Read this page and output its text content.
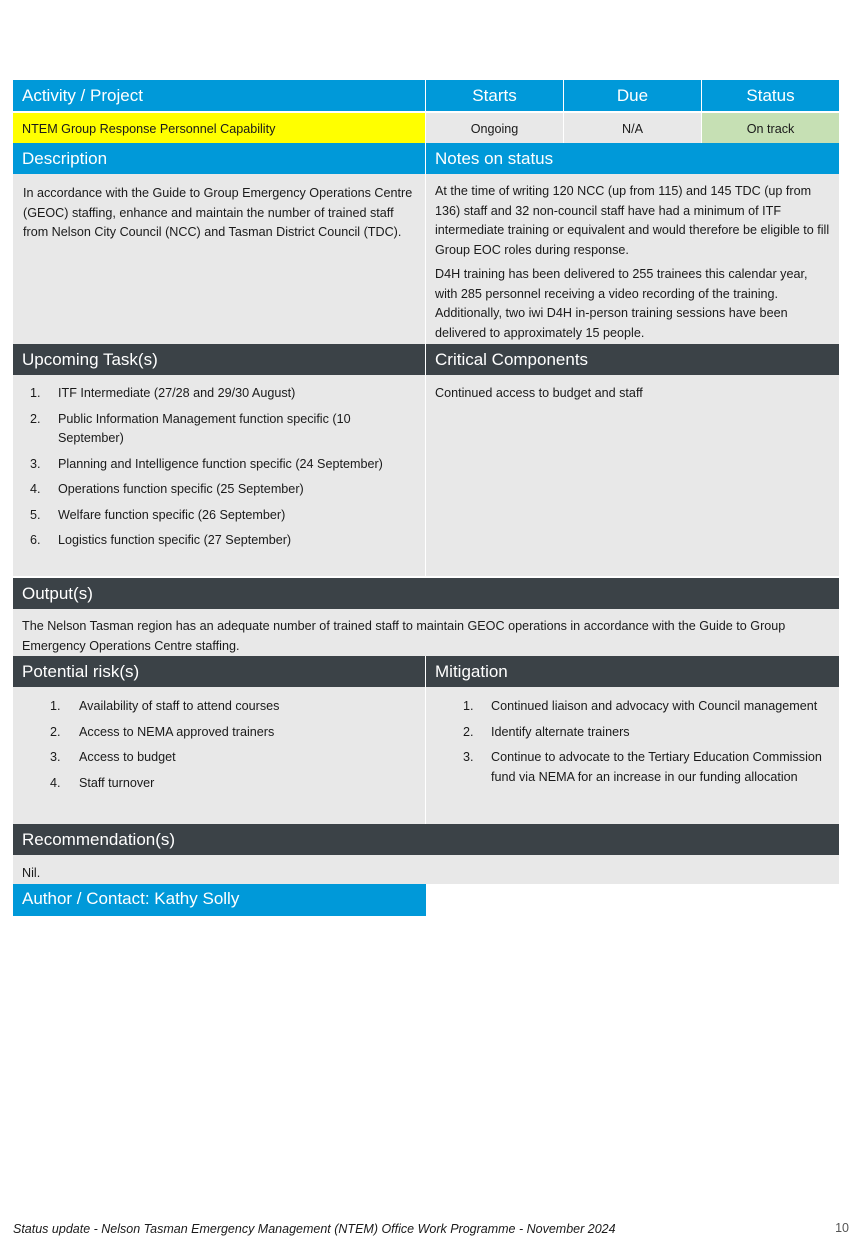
Activity / Project	Starts	Due	Status
NTEM Group Response Personnel Capability	Ongoing	N/A	On track
Description	Notes on status

In accordance with the Guide to Group Emergency Operations Centre (GEOC) staffing, enhance and maintain the number of trained staff from Nelson City Council (NCC) and Tasman District Council (TDC).

At the time of writing 120 NCC (up from 115) and 145 TDC (up from 136) staff and 32 non-council staff have had a minimum of ITF intermediate training or equivalent and would therefore be eligible to fill Group EOC roles during response.

D4H training has been delivered to 255 trainees this calendar year, with 285 personnel receiving a video recording of the training. Additionally, two iwi D4H in-person training sessions have been delivered to approximately 15 people.

Upcoming Task(s)	Critical Components
1.	ITF Intermediate (27/28 and 29/30 August)
2.	Public Information Management function specific (10 September)
3.	Planning and Intelligence function specific (24 September)
4.	Operations function specific (25 September)
5.	Welfare function specific (26 September)
6.	Logistics function specific (27 September)

Continued access to budget and staff

Output(s)

The Nelson Tasman region has an adequate number of trained staff to maintain GEOC operations in accordance with the Guide to Group Emergency Operations Centre staffing.

Potential risk(s)	Mitigation
1.	Availability of staff to attend courses
2.	Access to NEMA approved trainers
3.	Access to budget
4.	Staff turnover
1.	Continued liaison and advocacy with Council management
2.	Identify alternate trainers
3.	Continue to advocate to the Tertiary Education Commission fund via NEMA for an increase in our funding allocation
Recommendation(s)
Nil.
Author / Contact: Kathy Solly
Status update - Nelson Tasman Emergency Management (NTEM) Office Work Programme - November 2024	10
